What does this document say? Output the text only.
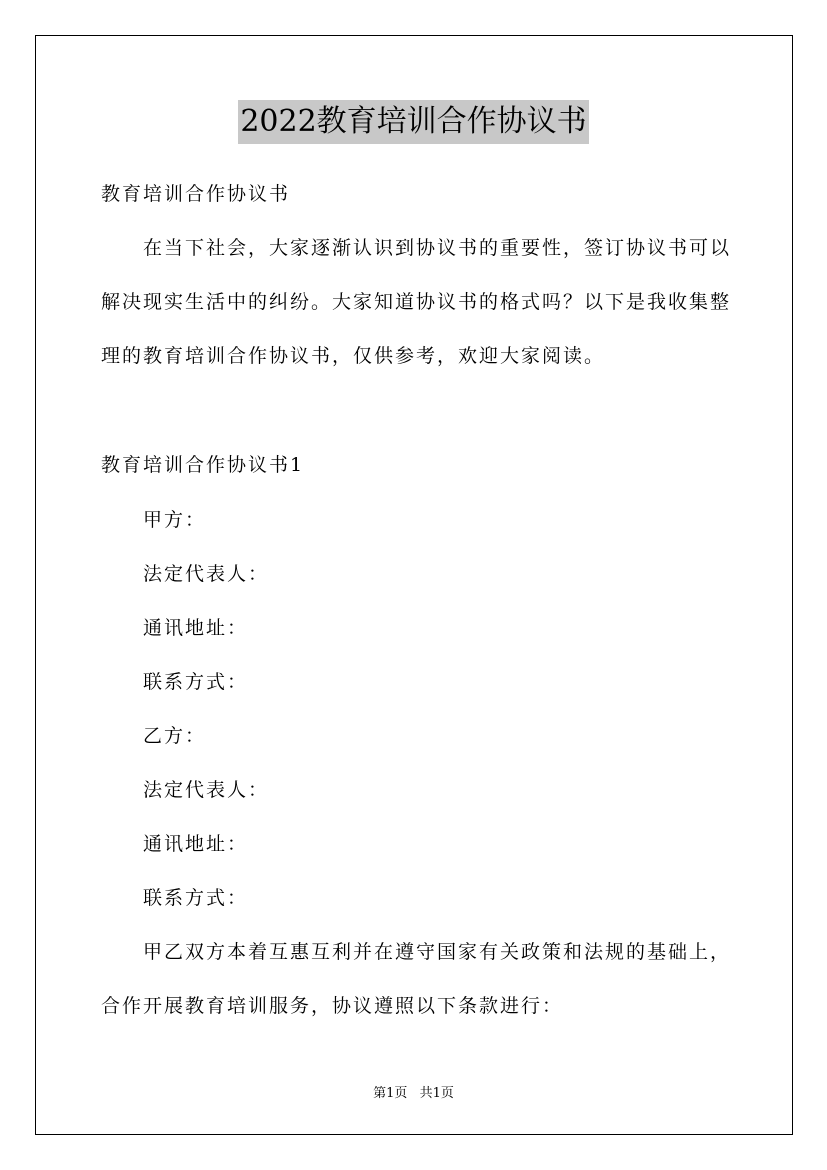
2022教育培训合作协议书
教育培训合作协议书
在当下社会，大家逐渐认识到协议书的重要性，签订协议书可以
解决现实生活中的纠纷。大家知道协议书的格式吗？以下是我收集整
理的教育培训合作协议书，仅供参考，欢迎大家阅读。
教育培训合作协议书1
甲方：
法定代表人：
通讯地址：
联系方式：
乙方：
法定代表人：
通讯地址：
联系方式：
甲乙双方本着互惠互利并在遵守国家有关政策和法规的基础上，
合作开展教育培训服务，协议遵照以下条款进行：
第1页 共1页
